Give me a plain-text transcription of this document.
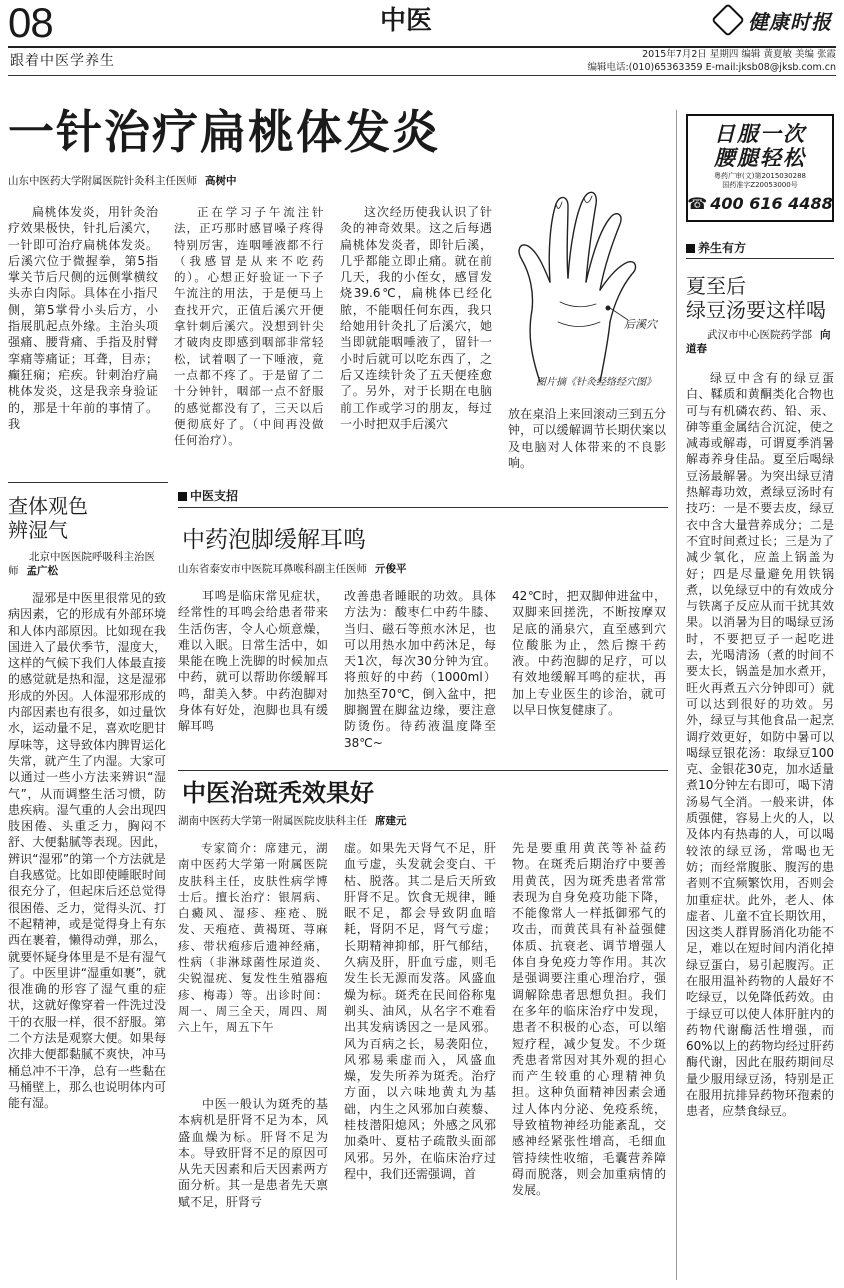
08	中医	健康时报
跟着中医学养生	2015年7月2日 星期四 编辑 黄夏敏 美编 张霞
编辑电话:(010)65363359 E-mail:jksb08@jksb.com.cn
一针治疗扁桃体发炎
山东中医药大学附属医院针灸科主任医师 高树中
扁桃体发炎，用针灸治疗效果极快，针扎后溪穴，一针即可治疗扁桃体发炎。后溪穴位于微握拳，第5指掌关节后尺侧的远侧掌横纹头赤白肉际。具体在小指尺侧，第5掌骨小头后方，小指展肌起点外缘。主治头项强痛、腰背痛、手指及肘臂挛痛等痛证；耳聋，目赤；癫狂痫；疟疾。针刺治疗扁桃体发炎，这是我亲身验证的，那是十年前的事情了。我
正在学习子午流注针法，正巧那时感冒嗓子疼得特别厉害，连咽唾液都不行（我感冒是从来不吃药的）。心想正好验证一下子午流注的用法，于是便马上查找开穴，正值后溪穴开便拿针刺后溪穴。没想到针尖才破肉皮即感到咽部非常轻松，试着咽了一下唾液，竟一点都不疼了。于是留了二十分钟针，咽部一点不舒服的感觉都没有了，三天以后便彻底好了。（中间再没做任何治疗）。
这次经历使我认识了针灸的神奇效果。这之后每遇扁桃体发炎者，即针后溪，几乎都能立即止痛。就在前几天，我的小侄女，感冒发烧39.6℃，扁桃体已经化脓，不能咽任何东西，我只给她用针灸扎了后溪穴，她当即就能咽唾液了，留针一小时后就可以吃东西了，之后又连续针灸了五天便痊愈了。另外，对于长期在电脑前工作或学习的朋友，每过一小时把双手后溪穴
后溪穴
图片摘《针灸经络经穴图》
放在桌沿上来回滚动三到五分钟，可以缓解调节长期伏案以及电脑对人体带来的不良影响。
日服一次
腰腿轻松
粤药广审(文)第2015030288
国药准字Z20053000号
☎ 400 616 4488
养生有方
夏至后
绿豆汤要这样喝
武汉市中心医院药学部 向道春
绿豆中含有的绿豆蛋白、鞣质和黄酮类化合物也可与有机磷农药、铅、汞、砷等重金属结合沉淀，使之减毒或解毒，可谓夏季消暑解毒养身佳品。夏至后喝绿豆汤最解暑。为突出绿豆清热解毒功效，煮绿豆汤时有技巧：一是不要去皮，绿豆衣中含大量营养成分；二是不宜时间煮过长；三是为了减少氧化，应盖上锅盖为好；四是尽量避免用铁锅煮，以免绿豆中的有效成分与铁离子反应从而干扰其效果。以消暑为目的喝绿豆汤时，不要把豆子一起吃进去，光喝清汤（煮的时间不要太长，锅盖是加水煮开，旺火再煮五六分钟即可）就可以达到很好的功效。另外，绿豆与其他食品一起烹调疗效更好，如防中暑可以喝绿豆银花汤：取绿豆100克、金银花30克，加水适量煮10分钟左右即可，喝下清汤易气全消。一般来讲，体质强健，容易上火的人，以及体内有热毒的人，可以喝较浓的绿豆汤，常喝也无妨；而经常腹胀、腹泻的患者则不宜频繁饮用，否则会加重症状。此外，老人、体虚者、儿童不宜长期饮用，因这类人群胃肠消化功能不足，难以在短时间内消化掉绿豆蛋白，易引起腹泻。正在服用温补药物的人最好不吃绿豆，以免降低药效。由于绿豆可以使人体肝脏内的药物代谢酶活性增强，而60%以上的药物均经过肝药酶代谢，因此在服药期间尽量少服用绿豆汤，特别是正在服用抗排异药物环孢素的患者，应禁食绿豆。
查体观色
辨湿气
北京中医医院呼吸科主治医师 孟广松
湿邪是中医里很常见的致病因素，它的形成有外部环境和人体内部原因。比如现在我国进入了最伏季节，湿度大，这样的气候下我们人体最直接的感觉就是热和湿，这是湿邪形成的外因。人体湿邪形成的内部因素也有很多，如过量饮水，运动量不足，喜欢吃肥甘厚味等，这导致体内脾胃运化失常，就产生了内湿。大家可以通过一些小方法来辨识“湿气”，从而调整生活习惯，防患疾病。湿气重的人会出现四肢困倦、头重乏力，胸闷不舒、大便黏腻等表现。因此，辨识“湿邪”的第一个方法就是自我感觉。比如即使睡眠时间很充分了，但起床后还总觉得很困倦、乏力，觉得头沉、打不起精神，或是觉得身上有东西在裹着，懒得动弹，那么，就要怀疑身体里是不是有湿气了。中医里讲“湿重如裹”，就很准确的形容了湿气重的症状，这就好像穿着一件洗过没干的衣服一样，很不舒服。第二个方法是观察大便。如果每次排大便都黏腻不爽快，冲马桶总冲不干净，总有一些黏在马桶壁上，那么也说明体内可能有湿。
中医支招
中药泡脚缓解耳鸣
山东省泰安市中医院耳鼻喉科副主任医师 亓俊平
耳鸣是临床常见症状，经常性的耳鸣会给患者带来生活伤害，令人心烦意燥，难以入眠。日常生活中，如果能在晚上洗脚的时候加点中药，就可以帮助你缓解耳鸣，甜美入梦。中药泡脚对身体有好处，泡脚也具有缓解耳鸣
改善患者睡眠的功效。具体方法为：酸枣仁中药牛膝、当归、磁石等煎水沐足，也可以用热水加中药沐足，每天1次，每次30分钟为宜。将煎好的中药（1000ml）加热至70℃，倒入盆中，把脚搁置在脚盆边缘，要注意防烫伤。待药液温度降至38℃~
42℃时，把双脚伸进盆中，双脚来回搓洗，不断按摩双足底的涌泉穴，直至感到穴位酸胀为止，然后擦干药液。中药泡脚的足疗，可以有效地缓解耳鸣的症状，再加上专业医生的诊治，就可以早日恢复健康了。
中医治斑秃效果好
湖南中医药大学第一附属医院皮肤科主任 席建元
专家简介：席建元，湖南中医药大学第一附属医院皮肤科主任，皮肤性病学博士后。擅长治疗：银屑病、白癜风、湿疹、痤疮、脱发、天疱疮、黄褐斑、荨麻疹、带状疱疹后遗神经痛，性病（非淋球菌性尿道炎、尖锐湿疣、复发性生殖器疱疹、梅毒）等。出诊时间：周一、周三全天，周四、周六上午，周五下午
中医一般认为斑秃的基本病机是肝肾不足为本，风盛血燥为标。肝肾不足为本。导致肝肾不足的原因可从先天因素和后天因素两方面分析。其一是患者先天禀赋不足，肝肾亏
虚。如果先天肾气不足，肝血亏虚，头发就会变白、干枯、脱落。其二是后天所致肝肾不足。饮食无规律，睡眠不足，都会导致阴血暗耗，肾阴不足，肾气亏虚；长期精神抑郁，肝气郁结，久病及肝，肝血亏虚，则毛发生长无源而发落。风盛血燥为标。斑秃在民间俗称鬼剃头、油风，从名字不难看出其发病诱因之一是风邪。风为百病之长，易袭阳位，风邪易乘虚而入，风盛血燥，发失所养为斑秃。治疗方面，以六味地黄丸为基础，内生之风邪加白蒺藜、桂枝潜阳熄风；外感之风邪加桑叶、夏枯子疏散头面部风邪。另外，在临床治疗过程中，我们还需强调，首
先是要重用黄芪等补益药物。在斑秃后期治疗中要善用黄芪，因为斑秃患者常常表现为自身免疫功能下降，不能像常人一样抵御邪气的攻击，而黄芪具有补益强健体质、抗衰老、调节增强人体自身免疫力等作用。其次是强调要注重心理治疗，强调解除患者思想负担。我们在多年的临床治疗中发现，患者不积极的心态，可以缩短疗程，减少复发。不少斑秃患者常因对其外观的担心而产生较重的心理精神负担。这种负面精神因素会通过人体内分泌、免疫系统，导致植物神经功能紊乱，交感神经紧张性增高，毛细血管持续性收缩，毛囊营养障碍而脱落，则会加重病情的发展。
